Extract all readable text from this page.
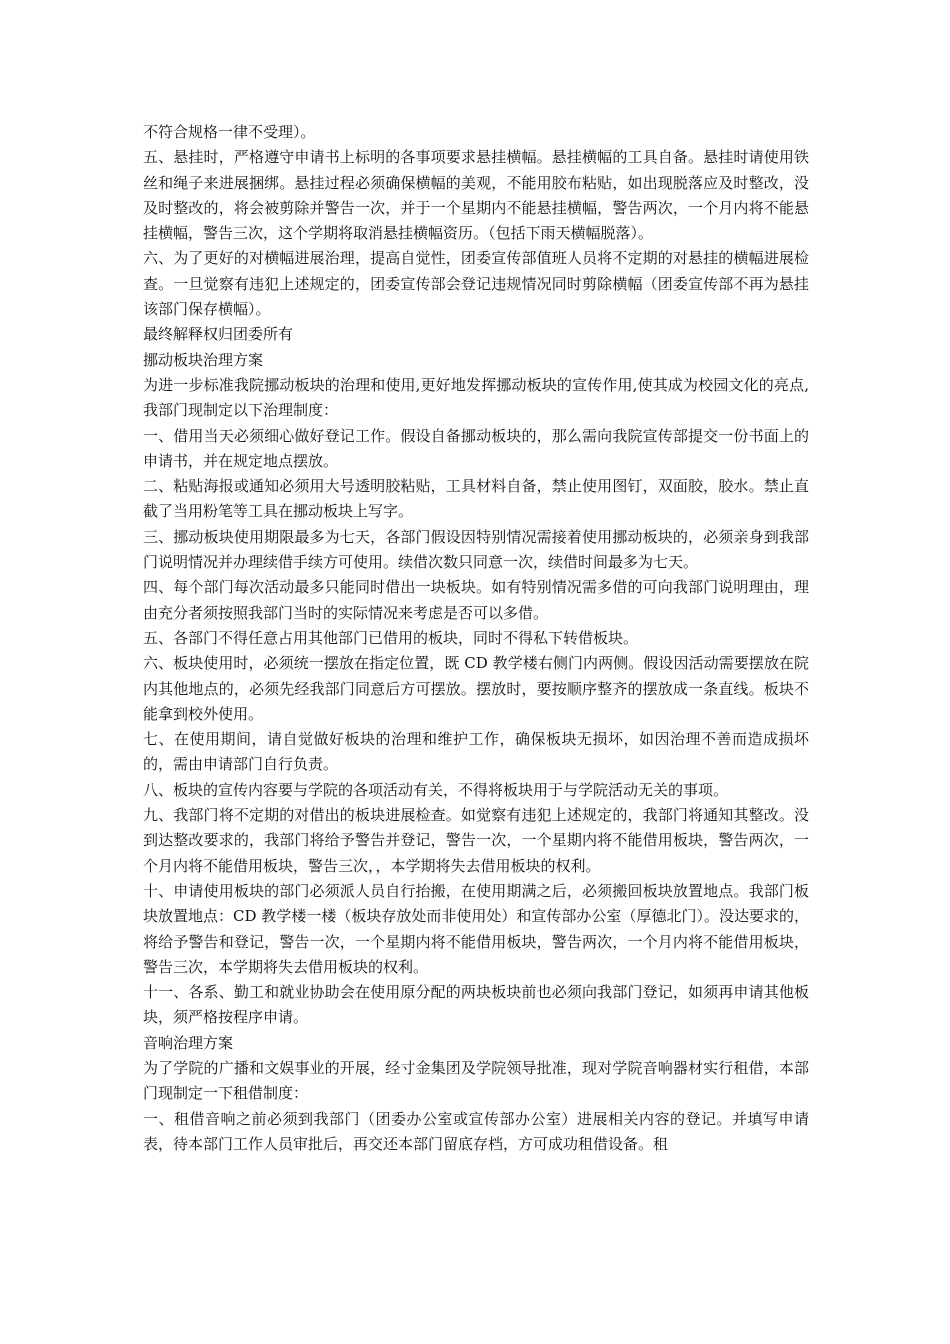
不符合规格一律不受理）。

五、悬挂时，严格遵守申请书上标明的各事项要求悬挂横幅。悬挂横幅的工具自备。悬挂时请使用铁丝和绳子来进展捆绑。悬挂过程必须确保横幅的美观，不能用胶布粘贴，如出现脱落应及时整改，没及时整改的，将会被剪除并警告一次，并于一个星期内不能悬挂横幅，警告两次，一个月内将不能悬挂横幅，警告三次，这个学期将取消悬挂横幅资历。（包括下雨天横幅脱落）。

六、为了更好的对横幅进展治理，提高自觉性，团委宣传部值班人员将不定期的对悬挂的横幅进展检查。一旦觉察有违犯上述规定的，团委宣传部会登记违规情况同时剪除横幅（团委宣传部不再为悬挂该部门保存横幅）。

最终解释权归团委所有

挪动板块治理方案

为进一步标准我院挪动板块的治理和使用,更好地发挥挪动板块的宣传作用,使其成为校园文化的亮点,我部门现制定以下治理制度：

一、借用当天必须细心做好登记工作。假设自备挪动板块的，那么需向我院宣传部提交一份书面上的申请书，并在规定地点摆放。

二、粘贴海报或通知必须用大号透明胶粘贴，工具材料自备，禁止使用图钉，双面胶，胶水。禁止直截了当用粉笔等工具在挪动板块上写字。

三、挪动板块使用期限最多为七天，各部门假设因特别情况需接着使用挪动板块的，必须亲身到我部门说明情况并办理续借手续方可使用。续借次数只同意一次，续借时间最多为七天。

四、每个部门每次活动最多只能同时借出一块板块。如有特别情况需多借的可向我部门说明理由，理由充分者须按照我部门当时的实际情况来考虑是否可以多借。

五、各部门不得任意占用其他部门已借用的板块，同时不得私下转借板块。

六、板块使用时，必须统一摆放在指定位置，既 CD 教学楼右侧门内两侧。假设因活动需要摆放在院内其他地点的，必须先经我部门同意后方可摆放。摆放时，要按顺序整齐的摆放成一条直线。板块不能拿到校外使用。

七、在使用期间，请自觉做好板块的治理和维护工作，确保板块无损坏，如因治理不善而造成损坏的，需由申请部门自行负责。

八、板块的宣传内容要与学院的各项活动有关，不得将板块用于与学院活动无关的事项。

九、我部门将不定期的对借出的板块进展检查。如觉察有违犯上述规定的，我部门将通知其整改。没到达整改要求的，我部门将给予警告并登记，警告一次，一个星期内将不能借用板块，警告两次，一个月内将不能借用板块，警告三次，，本学期将失去借用板块的权利。

十、申请使用板块的部门必须派人员自行抬搬，在使用期满之后，必须搬回板块放置地点。我部门板块放置地点：CD 教学楼一楼（板块存放处而非使用处）和宣传部办公室（厚德北门）。没达要求的，将给予警告和登记，警告一次，一个星期内将不能借用板块，警告两次，一个月内将不能借用板块，警告三次，本学期将失去借用板块的权利。

十一、各系、勤工和就业协助会在使用原分配的两块板块前也必须向我部门登记，如须再申请其他板块，须严格按程序申请。

音响治理方案

为了学院的广播和文娱事业的开展，经寸金集团及学院领导批准，现对学院音响器材实行租借，本部门现制定一下租借制度：

一、租借音响之前必须到我部门（团委办公室或宣传部办公室）进展相关内容的登记。并填写申请表，待本部门工作人员审批后，再交还本部门留底存档，方可成功租借设备。租
